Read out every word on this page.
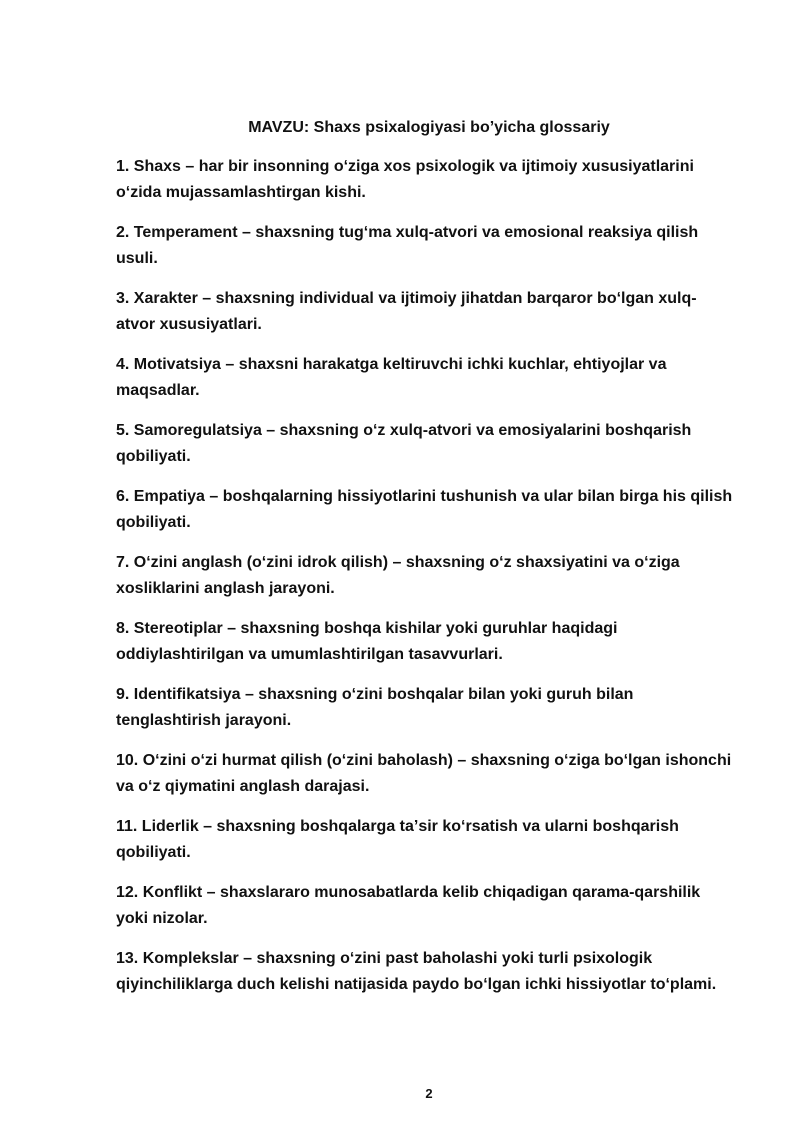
MAVZU: Shaxs psixalogiyasi bo’yicha glossariy
1. Shaxs – har bir insonning oʻziga xos psixologik va ijtimoiy xususiyatlarini
oʻzida mujassamlashtirgan kishi.
2. Temperament – shaxsning tugʻma xulq-atvori va emosional reaksiya qilish
usuli.
3. Xarakter – shaxsning individual va ijtimoiy jihatdan barqaror boʻlgan xulq-
atvor xususiyatlari.
4. Motivatsiya – shaxsni harakatga keltiruvchi ichki kuchlar, ehtiyojlar va
maqsadlar.
5. Samoregulatsiya – shaxsning oʻz xulq-atvori va emosiyalarini boshqarish
qobiliyati.
6. Empatiya – boshqalarning hissiyotlarini tushunish va ular bilan birga his qilish
qobiliyati.
7. Oʻzini anglash (oʻzini idrok qilish) – shaxsning oʻz shaxsiyatini va oʻziga
xosliklarini anglash jarayoni.
8. Stereotiplar – shaxsning boshqa kishilar yoki guruhlar haqidagi
oddiylashtirilgan va umumlashtirilgan tasavvurlari.
9. Identifikatsiya – shaxsning oʻzini boshqalar bilan yoki guruh bilan
tenglashtirish jarayoni.
10. Oʻzini oʻzi hurmat qilish (oʻzini baholash) – shaxsning oʻziga boʻlgan ishonchi
va oʻz qiymatini anglash darajasi.
11. Liderlik – shaxsning boshqalarga taʼsir koʻrsatish va ularni boshqarish
qobiliyati.
12. Konflikt – shaxslararo munosabatlarda kelib chiqadigan qarama-qarshilik
yoki nizolar.
13. Komplekslar – shaxsning oʻzini past baholashi yoki turli psixologik
qiyinchiliklarga duch kelishi natijasida paydo boʻlgan ichki hissiyotlar toʻplami.
2
